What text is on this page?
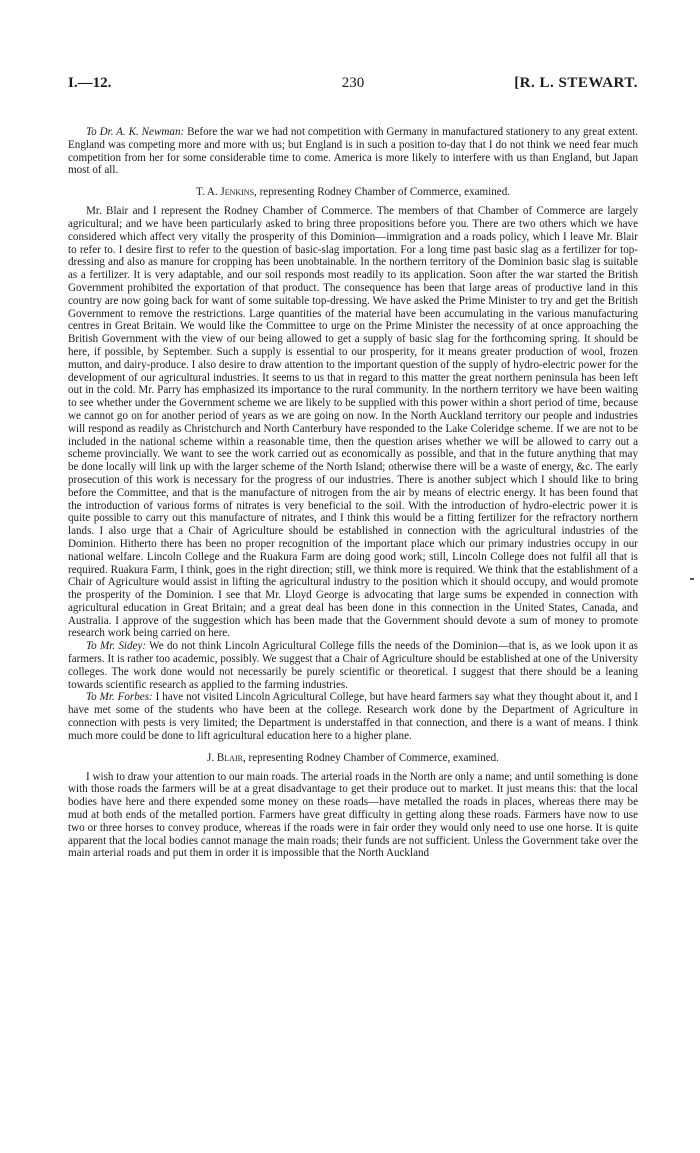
I.—12.	230	[R. L. STEWART.

To Dr. A. K. Newman: Before the war we had not competition with Germany in manufactured stationery to any great extent. England was competing more and more with us; but England is in such a position to-day that I do not think we need fear much competition from her for some considerable time to come. America is more likely to interfere with us than England, but Japan most of all.

T. A. Jenkins, representing Rodney Chamber of Commerce, examined.

Mr. Blair and I represent the Rodney Chamber of Commerce. The members of that Chamber of Commerce are largely agricultural; and we have been particularly asked to bring three propositions before you. There are two others which we have considered which affect very vitally the prosperity of this Dominion—immigration and a roads policy, which I leave Mr. Blair to refer to. I desire first to refer to the question of basic-slag importation. For a long time past basic slag as a fertilizer for top-dressing and also as manure for cropping has been unobtainable. In the northern territory of the Dominion basic slag is suitable as a fertilizer. It is very adaptable, and our soil responds most readily to its application. Soon after the war started the British Government prohibited the exportation of that product. The consequence has been that large areas of productive land in this country are now going back for want of some suitable top-dressing. We have asked the Prime Minister to try and get the British Government to remove the restrictions. Large quantities of the material have been accumulating in the various manufacturing centres in Great Britain. We would like the Committee to urge on the Prime Minister the necessity of at once approaching the British Government with the view of our being allowed to get a supply of basic slag for the forthcoming spring. It should be here, if possible, by September. Such a supply is essential to our prosperity, for it means greater production of wool, frozen mutton, and dairy-produce. I also desire to draw attention to the important question of the supply of hydro-electric power for the development of our agricultural industries. It seems to us that in regard to this matter the great northern peninsula has been left out in the cold. Mr. Parry has emphasized its importance to the rural community. In the northern territory we have been waiting to see whether under the Government scheme we are likely to be supplied with this power within a short period of time, because we cannot go on for another period of years as we are going on now. In the North Auckland territory our people and industries will respond as readily as Christchurch and North Canterbury have responded to the Lake Coleridge scheme. If we are not to be included in the national scheme within a reasonable time, then the question arises whether we will be allowed to carry out a scheme provincially. We want to see the work carried out as economically as possible, and that in the future anything that may be done locally will link up with the larger scheme of the North Island; otherwise there will be a waste of energy, &c. The early prosecution of this work is necessary for the progress of our industries. There is another subject which I should like to bring before the Committee, and that is the manufacture of nitrogen from the air by means of electric energy. It has been found that the introduction of various forms of nitrates is very beneficial to the soil. With the introduction of hydro-electric power it is quite possible to carry out this manufacture of nitrates, and I think this would be a fitting fertilizer for the refractory northern lands. I also urge that a Chair of Agriculture should be established in connection with the agricultural industries of the Dominion. Hitherto there has been no proper recognition of the important place which our primary industries occupy in our national welfare. Lincoln College and the Ruakura Farm are doing good work; still, Lincoln College does not fulfil all that is required. Ruakura Farm, I think, goes in the right direction; still, we think more is required. We think that the establishment of a Chair of Agriculture would assist in lifting the agricultural industry to the position which it should occupy, and would promote the prosperity of the Dominion. I see that Mr. Lloyd George is advocating that large sums be expended in connection with agricultural education in Great Britain; and a great deal has been done in this connection in the United States, Canada, and Australia. I approve of the suggestion which has been made that the Government should devote a sum of money to promote research work being carried on here.

To Mr. Sidey: We do not think Lincoln Agricultural College fills the needs of the Dominion—that is, as we look upon it as farmers. It is rather too academic, possibly. We suggest that a Chair of Agriculture should be established at one of the University colleges. The work done would not necessarily be purely scientific or theoretical. I suggest that there should be a leaning towards scientific research as applied to the farming industries.

To Mr. Forbes: I have not visited Lincoln Agricultural College, but have heard farmers say what they thought about it, and I have met some of the students who have been at the college. Research work done by the Department of Agriculture in connection with pests is very limited; the Department is understaffed in that connection, and there is a want of means. I think much more could be done to lift agricultural education here to a higher plane.

J. Blair, representing Rodney Chamber of Commerce, examined.

I wish to draw your attention to our main roads. The arterial roads in the North are only a name; and until something is done with those roads the farmers will be at a great disadvantage to get their produce out to market. It just means this: that the local bodies have here and there expended some money on these roads—have metalled the roads in places, whereas there may be mud at both ends of the metalled portion. Farmers have great difficulty in getting along these roads. Farmers have now to use two or three horses to convey produce, whereas if the roads were in fair order they would only need to use one horse. It is quite apparent that the local bodies cannot manage the main roads; their funds are not sufficient. Unless the Government take over the main arterial roads and put them in order it is impossible that the North Auckland
